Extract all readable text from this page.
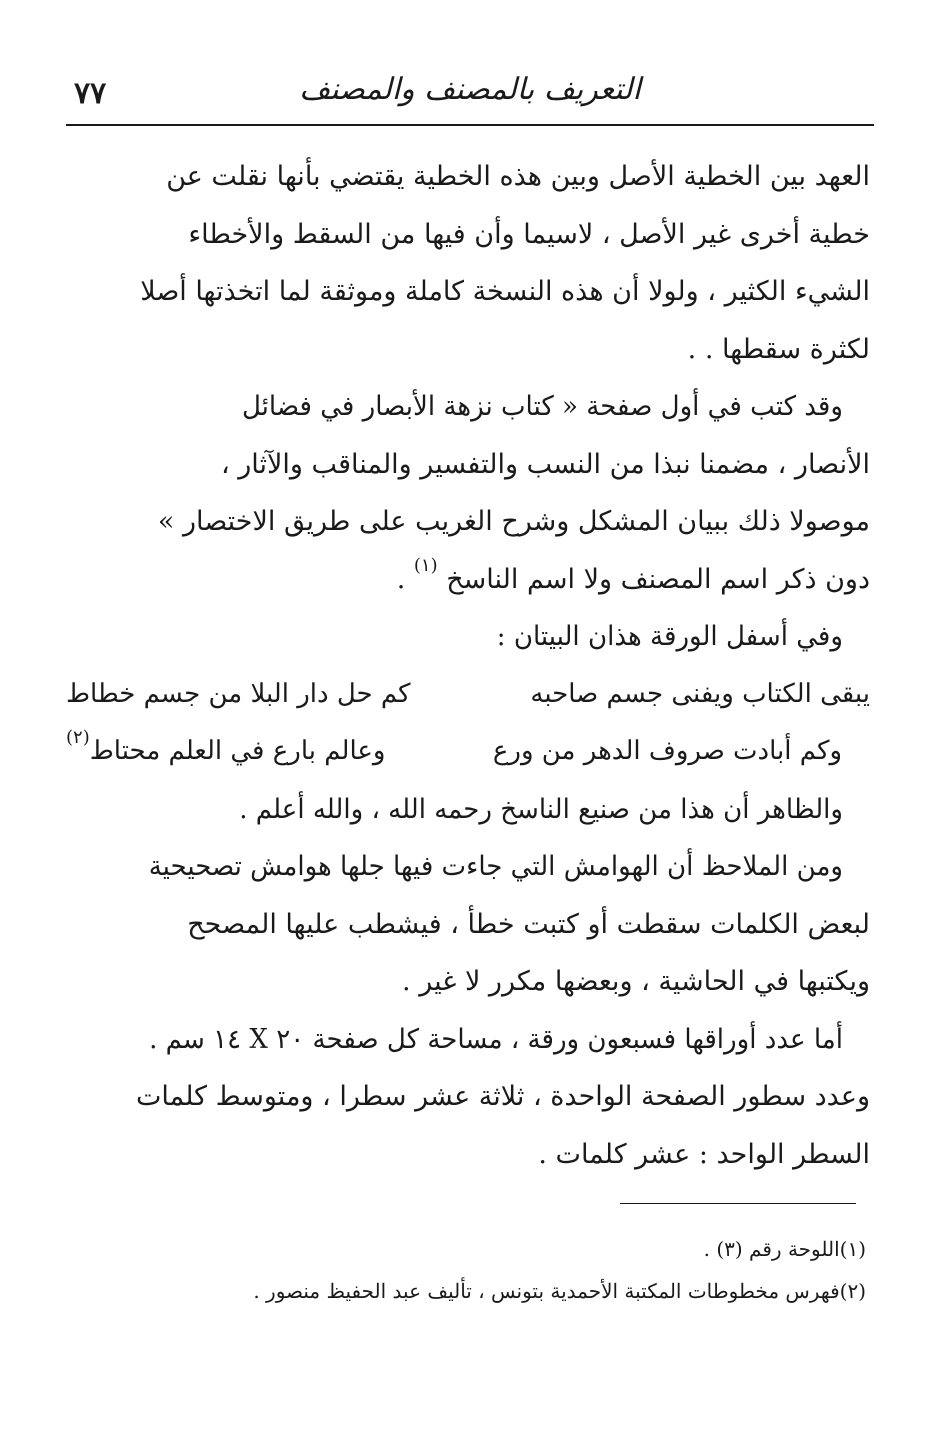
٧٧	التعريف بالمصنف والمصنف
العهد بين الخطية الأصل وبين هذه الخطية يقتضي بأنها نقلت عن
خطية أخرى غير الأصل ، لاسيما وأن فيها من السقط والأخطاء
الشيء الكثير ، ولولا أن هذه النسخة كاملة وموثقة لما اتخذتها أصلا
لكثرة سقطها . .
وقد كتب في أول صفحة « كتاب نزهة الأبصار في فضائل
الأنصار ، مضمنا نبذا من النسب والتفسير والمناقب والآثار ،
موصولا ذلك ببيان المشكل وشرح الغريب على طريق الاختصار »
دون ذكر اسم المصنف ولا اسم الناسخ $^{(١)}$ .
وفي أسفل الورقة هذان البيتان :
يبقى الكتاب ويفنى جسم صاحبه
كم حل دار البلا من جسم خطاط
وكم أبادت صروف الدهر من ورع
وعالم بارع في العلم محتاط$^{(٢)}$
والظاهر أن هذا من صنيع الناسخ رحمه الله ، والله أعلم .
ومن الملاحظ أن الهوامش التي جاءت فيها جلها هوامش تصحيحية
لبعض الكلمات سقطت أو كتبت خطأ ، فيشطب عليها المصحح
ويكتبها في الحاشية ، وبعضها مكرر لا غير .
أما عدد أوراقها فسبعون ورقة ، مساحة كل صفحة ٢٠ X ١٤ سم .
وعدد سطور الصفحة الواحدة ، ثلاثة عشر سطرا ، ومتوسط كلمات
السطر الواحد : عشر كلمات .
(١)اللوحة رقم (٣) .
(٢)فهرس مخطوطات المكتبة الأحمدية بتونس ، تأليف عبد الحفيظ منصور .
